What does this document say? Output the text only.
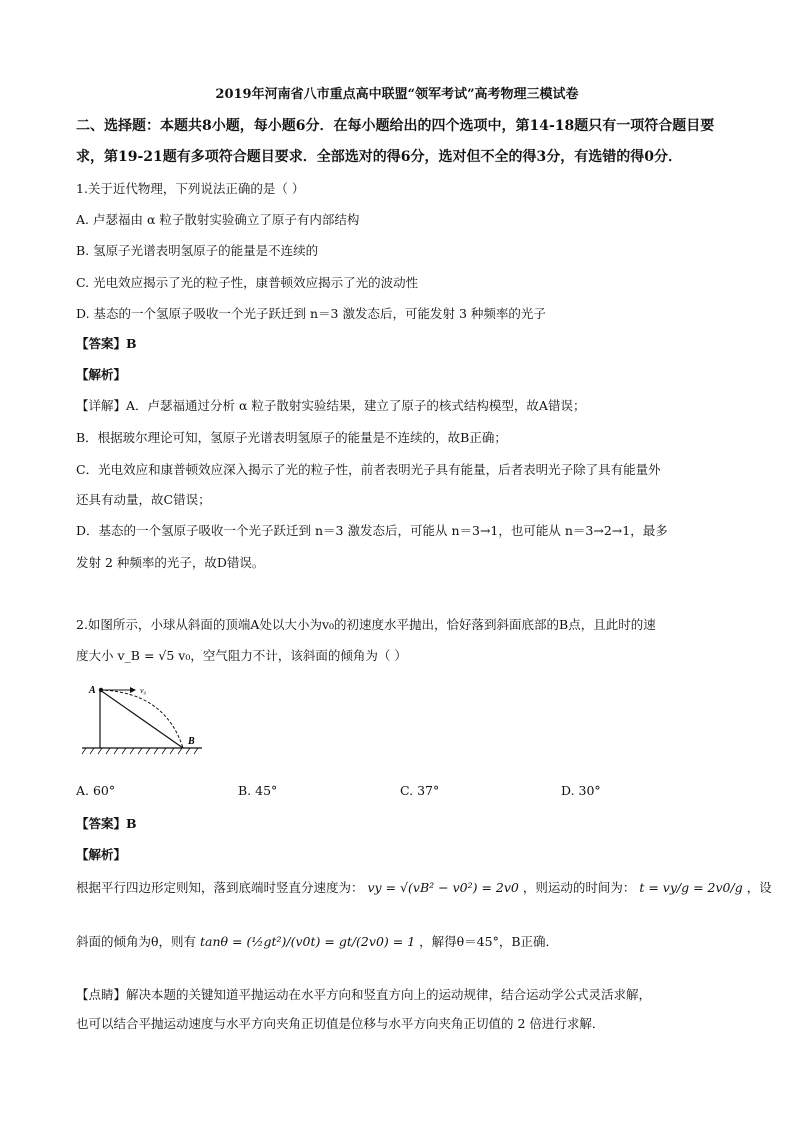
2019年河南省八市重点高中联盟“领军考试”高考物理三模试卷
二、选择题：本题共8小题，每小题6分．在每小题给出的四个选项中，第14-18题只有一项符合题目要
求，第19-21题有多项符合题目要求．全部选对的得6分，选对但不全的得3分，有选错的得0分．
1.关于近代物理，下列说法正确的是（ ）
A. 卢瑟福由 α 粒子散射实验确立了原子有内部结构
B. 氢原子光谱表明氢原子的能量是不连续的
C. 光电效应揭示了光的粒子性，康普顿效应揭示了光的波动性
D. 基态的一个氢原子吸收一个光子跃迁到 n＝3 激发态后，可能发射 3 种频率的光子
【答案】B
【解析】
【详解】A．卢瑟福通过分析 α 粒子散射实验结果，建立了原子的核式结构模型，故A错误；
B．根据玻尔理论可知，氢原子光谱表明氢原子的能量是不连续的，故B正确；
C．光电效应和康普顿效应深入揭示了光的粒子性，前者表明光子具有能量，后者表明光子除了具有能量外
还具有动量，故C错误；
D．基态的一个氢原子吸收一个光子跃迁到 n＝3 激发态后，可能从 n＝3→1，也可能从 n＝3→2→1，最多
发射 2 种频率的光子，故D错误。
2.如图所示，小球从斜面的顶端A处以大小为v₀的初速度水平抛出，恰好落到斜面底部的B点，且此时的速
度大小 v_B = √5 v₀，空气阻力不计，该斜面的倾角为（ ）
A	v₀
B
A. 60°	B. 45°	C. 37°	D. 30°
【答案】B
【解析】
根据平行四边形定则知，落到底端时竖直分速度为： vy = √(vB² − v0²) = 2v0 ，则运动的时间为： t = vy/g = 2v0/g ，设
斜面的倾角为θ，则有 tanθ = (½gt²)/(v0t) = gt/(2v0) = 1 ，解得θ＝45°，B正确．
【点睛】解决本题的关键知道平抛运动在水平方向和竖直方向上的运动规律，结合运动学公式灵活求解，
也可以结合平抛运动速度与水平方向夹角正切值是位移与水平方向夹角正切值的 2 倍进行求解．
